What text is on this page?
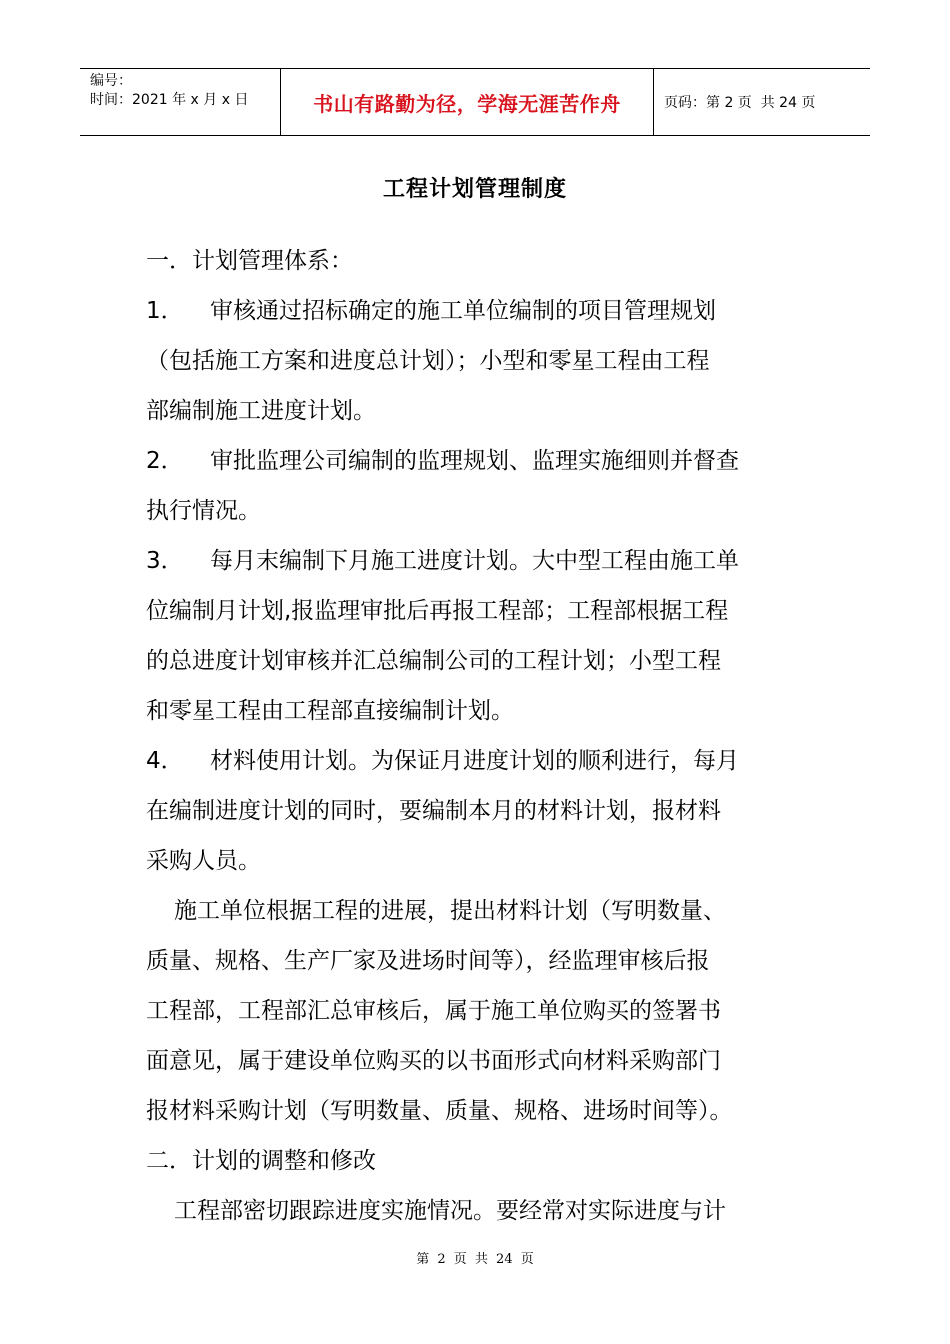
编号：
时间：2021 年 x 月 x 日	书山有路勤为径，学海无涯苦作舟	页码：第 2 页  共 24 页
工程计划管理制度
一．计划管理体系：
1． 审核通过招标确定的施工单位编制的项目管理规划
（包括施工方案和进度总计划）；小型和零星工程由工程
部编制施工进度计划。
2． 审批监理公司编制的监理规划、监理实施细则并督查
执行情况。
3． 每月末编制下月施工进度计划。大中型工程由施工单
位编制月计划,报监理审批后再报工程部；工程部根据工程
的总进度计划审核并汇总编制公司的工程计划；小型工程
和零星工程由工程部直接编制计划。
4． 材料使用计划。为保证月进度计划的顺利进行，每月
在编制进度计划的同时，要编制本月的材料计划，报材料
采购人员。
施工单位根据工程的进展，提出材料计划（写明数量、
质量、规格、生产厂家及进场时间等），经监理审核后报
工程部，工程部汇总审核后，属于施工单位购买的签署书
面意见，属于建设单位购买的以书面形式向材料采购部门
报材料采购计划（写明数量、质量、规格、进场时间等）。
二．计划的调整和修改
工程部密切跟踪进度实施情况。要经常对实际进度与计
第 2 页 共 24 页
